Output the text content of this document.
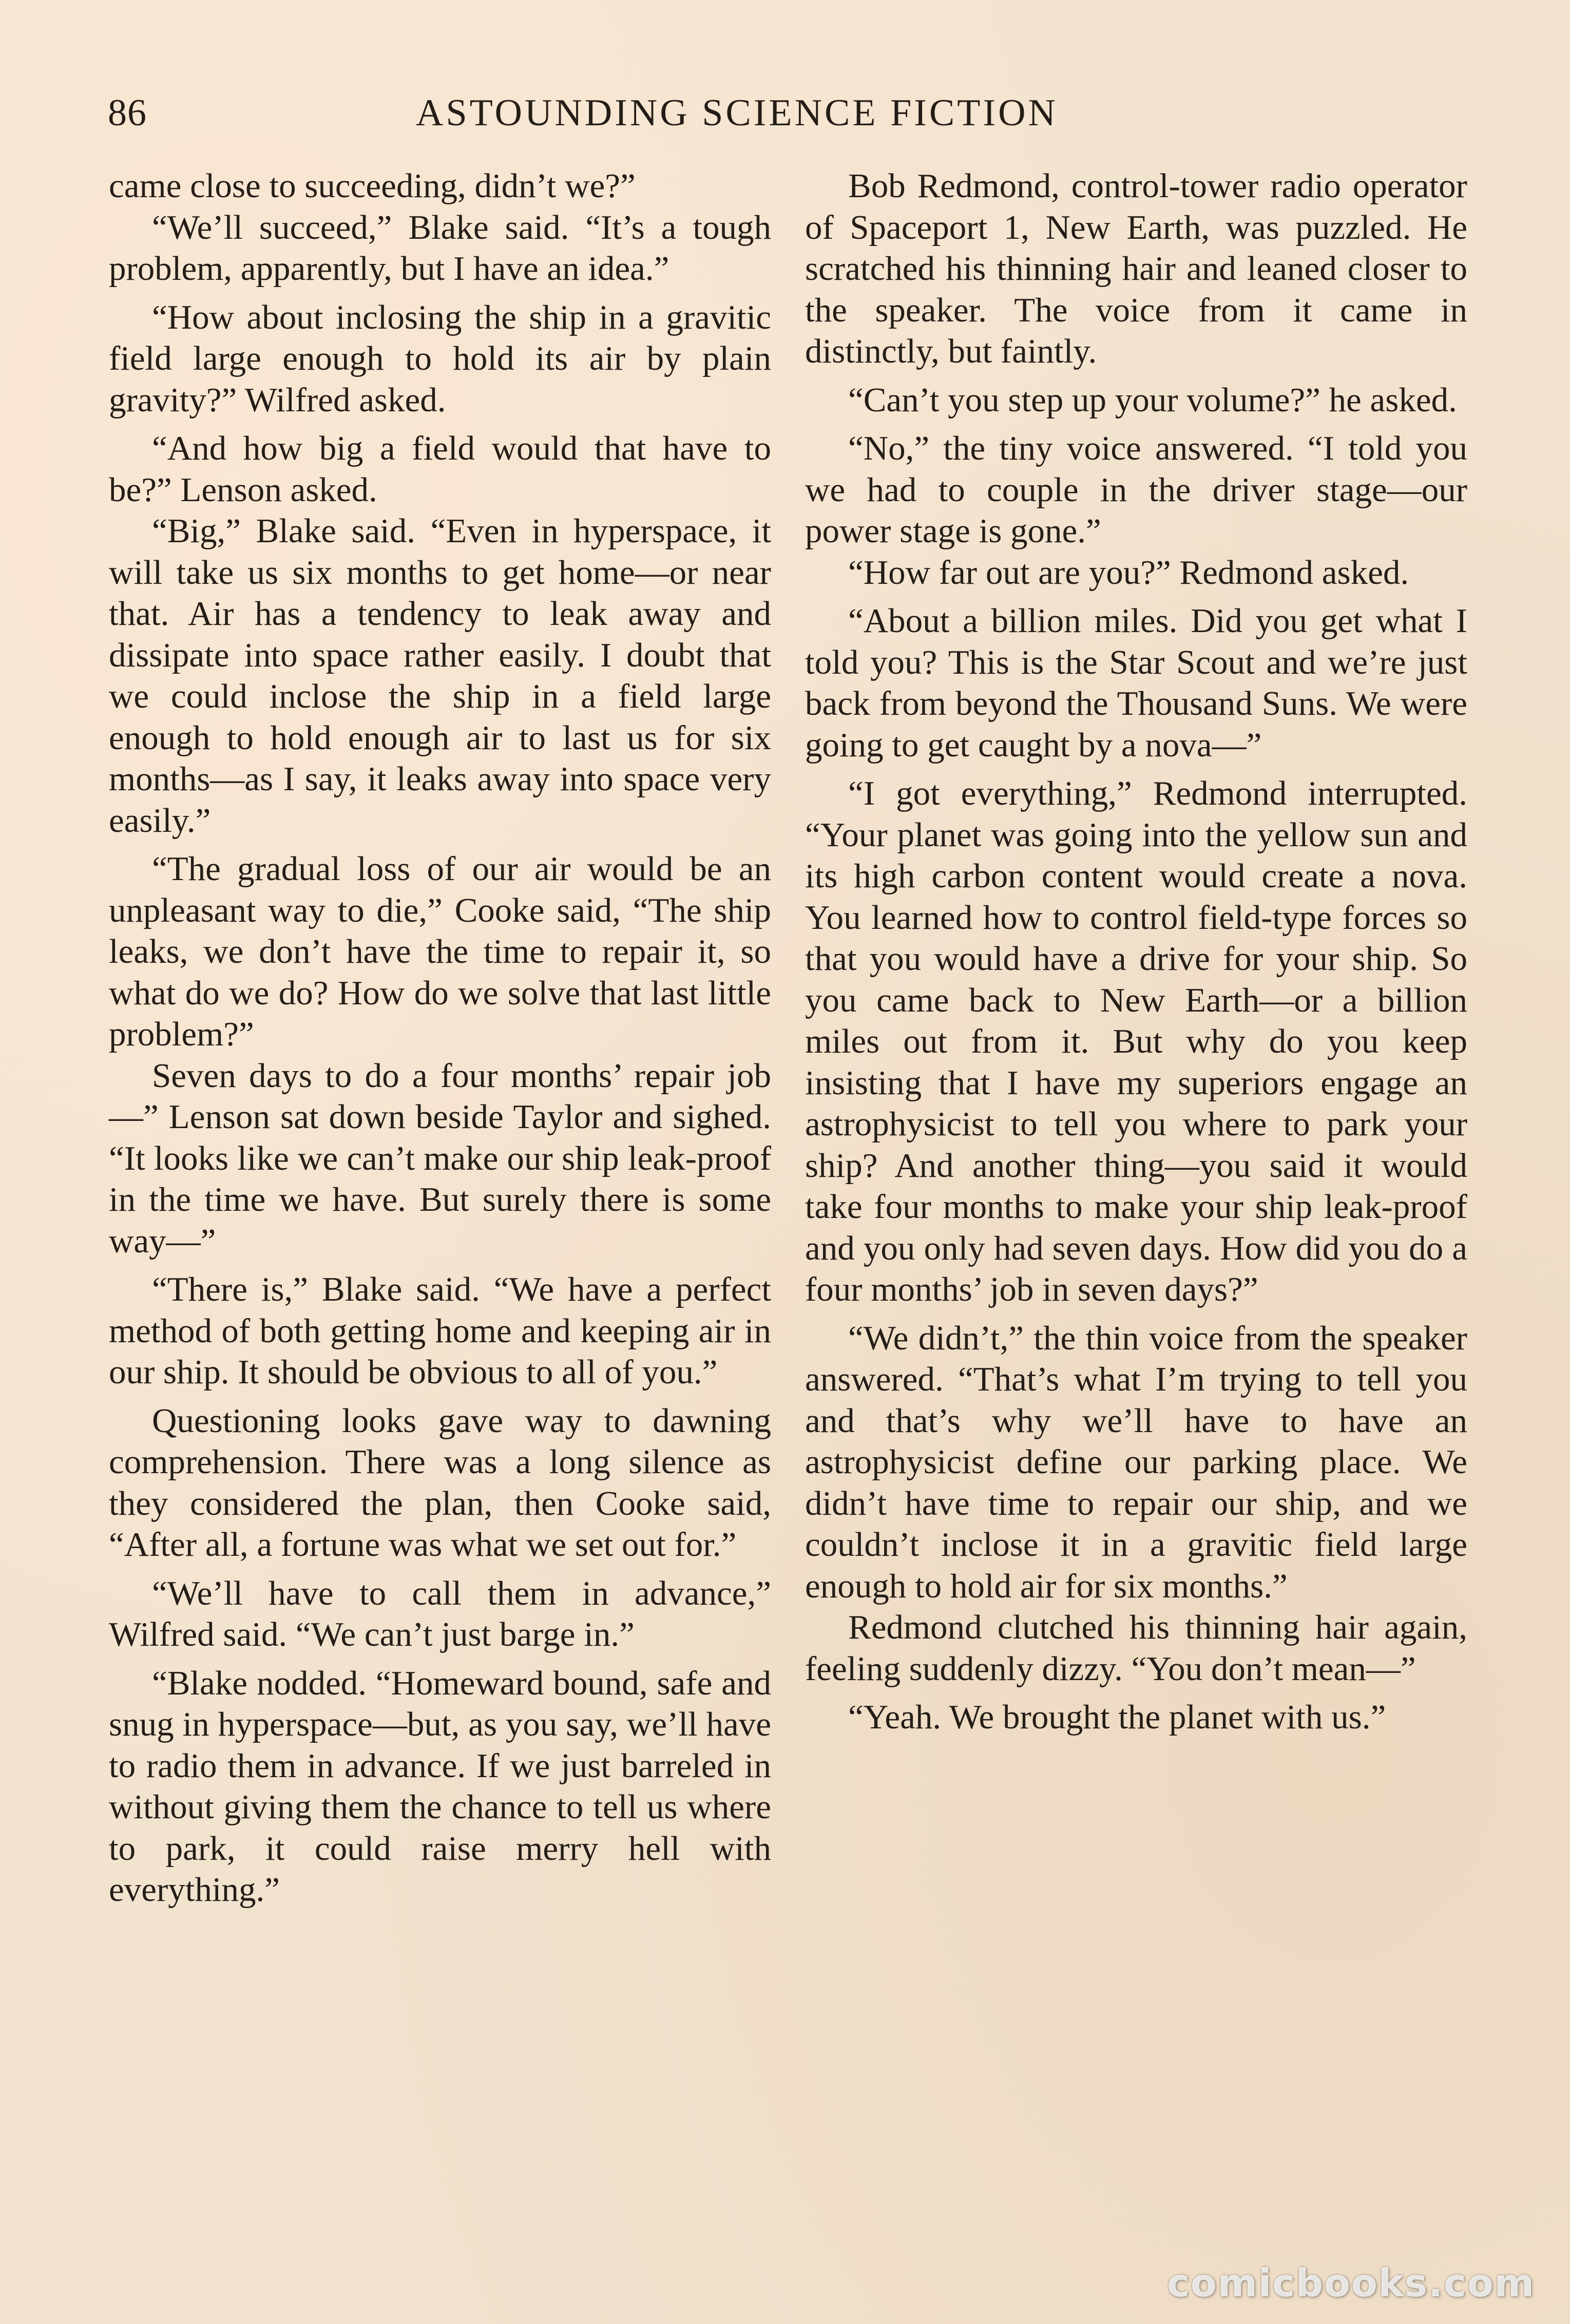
86	ASTOUNDING SCIENCE FICTION

came close to succeeding, didn’t we?”

“We’ll succeed,” Blake said. “It’s a tough problem, apparently, but I have an idea.”

“How about inclosing the ship in a gravitic field large enough to hold its air by plain gravity?” Wilfred asked.

“And how big a field would that have to be?” Lenson asked.

“Big,” Blake said. “Even in hyperspace, it will take us six months to get home—or near that. Air has a tendency to leak away and dissipate into space rather easily. I doubt that we could inclose the ship in a field large enough to hold enough air to last us for six months—as I say, it leaks away into space very easily.”

“The gradual loss of our air would be an unpleasant way to die,” Cooke said, “The ship leaks, we don’t have the time to repair it, so what do we do? How do we solve that last little problem?”

Seven days to do a four months’ repair job—” Lenson sat down beside Taylor and sighed. “It looks like we can’t make our ship leak-proof in the time we have. But surely there is some way—”

“There is,” Blake said. “We have a perfect method of both getting home and keeping air in our ship. It should be obvious to all of you.”

Questioning looks gave way to dawning comprehension. There was a long silence as they considered the plan, then Cooke said, “After all, a fortune was what we set out for.”

“We’ll have to call them in advance,” Wilfred said. “We can’t just barge in.”

“Blake nodded. “Homeward bound, safe and snug in hyperspace—but, as you say, we’ll have to radio them in advance. If we just barreled in without giving them the chance to tell us where to park, it could raise merry hell with everything.”

Bob Redmond, control-tower radio operator of Spaceport 1, New Earth, was puzzled. He scratched his thinning hair and leaned closer to the speaker. The voice from it came in distinctly, but faintly.

“Can’t you step up your volume?” he asked.

“No,” the tiny voice answered. “I told you we had to couple in the driver stage—our power stage is gone.”

“How far out are you?” Redmond asked.

“About a billion miles. Did you get what I told you? This is the Star Scout and we’re just back from beyond the Thousand Suns. We were going to get caught by a nova—”

“I got everything,” Redmond interrupted. “Your planet was going into the yellow sun and its high carbon content would create a nova. You learned how to control field-type forces so that you would have a drive for your ship. So you came back to New Earth—or a billion miles out from it. But why do you keep insisting that I have my superiors engage an astrophysicist to tell you where to park your ship? And another thing—you said it would take four months to make your ship leak-proof and you only had seven days. How did you do a four months’ job in seven days?”

“We didn’t,” the thin voice from the speaker answered. “That’s what I’m trying to tell you and that’s why we’ll have to have an astrophysicist define our parking place. We didn’t have time to repair our ship, and we couldn’t inclose it in a gravitic field large enough to hold air for six months.”

Redmond clutched his thinning hair again, feeling suddenly dizzy. “You don’t mean—”

“Yeah. We brought the planet with us.”

comicbooks.com
